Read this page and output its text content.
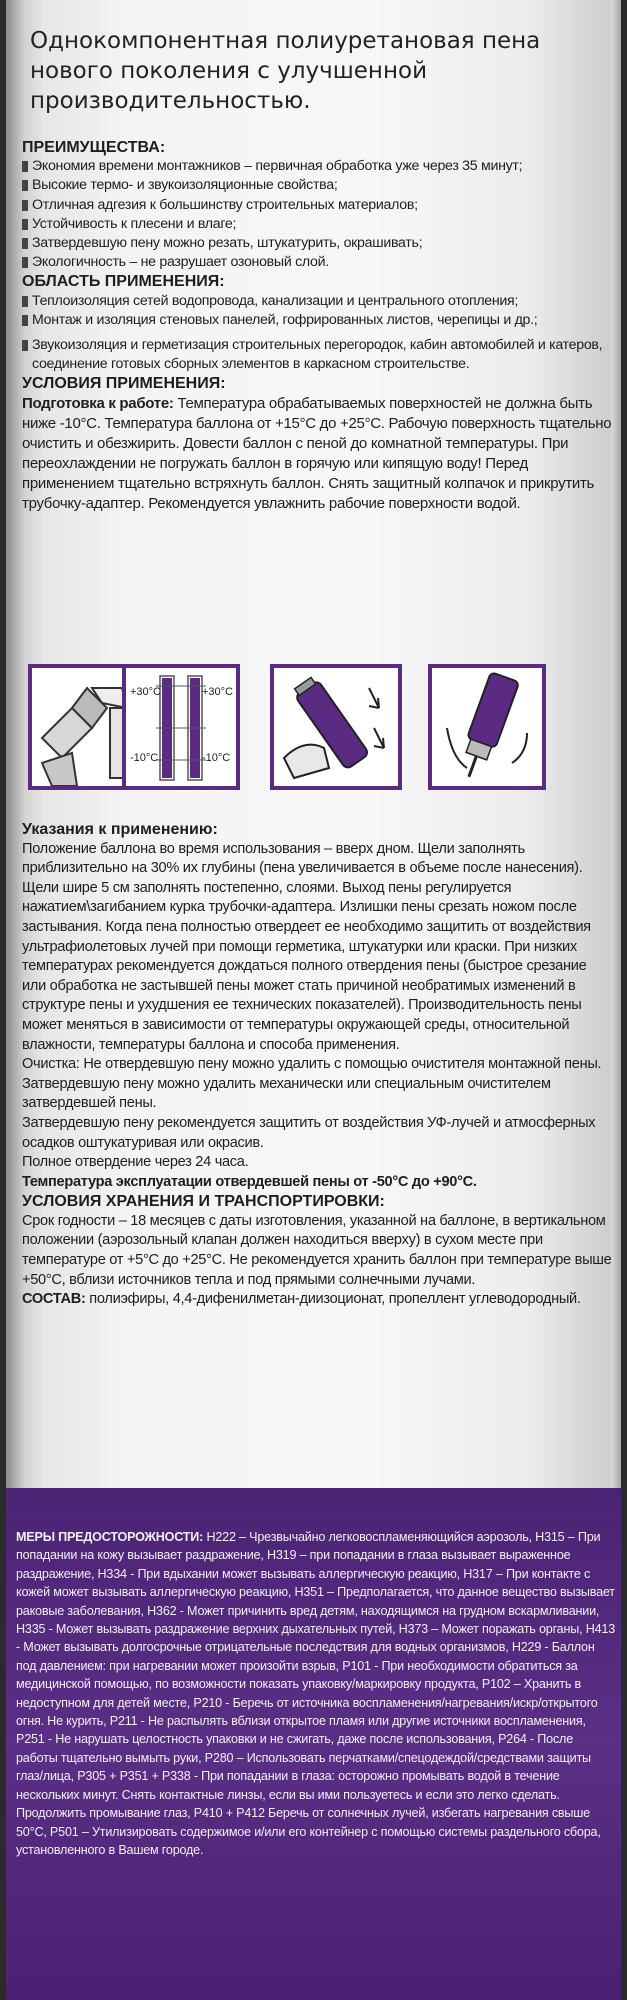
Однокомпонентная полиуретановая пена нового поколения с улучшенной производительностью.
ПРЕИМУЩЕСТВА:
Экономия времени монтажников – первичная обработка уже через 35 минут;
Высокие термо- и звукоизоляционные свойства;
Отличная адгезия к большинству строительных материалов;
Устойчивость к плесени и влаге;
Затвердевшую пену можно резать, штукатурить, окрашивать;
Экологичность – не разрушает озоновый слой.
ОБЛАСТЬ ПРИМЕНЕНИЯ:
Теплоизоляция сетей водопровода, канализации и центрального отопления;
Монтаж и изоляция стеновых панелей, гофрированных листов, черепицы и др.;
Звукоизоляция и герметизация строительных перегородок, кабин автомобилей и катеров, соединение готовых сборных элементов в каркасном строительстве.
УСЛОВИЯ ПРИМЕНЕНИЯ:
Подготовка к работе: Температура обрабатываемых поверхностей не должна быть ниже -10°С. Температура баллона от +15°С до +25°С. Рабочую поверхность тщательно очистить и обезжирить. Довести баллон с пеной до комнатной температуры. При переохлаждении не погружать баллон в горячую или кипящую воду! Перед применением тщательно встряхнуть баллон. Снять защитный колпачок и прикрутить трубочку-адаптер. Рекомендуется увлажнить рабочие поверхности водой.
+30°C	+30°C
-10°C	-10°C
Указания к применению:
Положение баллона во время использования – вверх дном. Щели заполнять приблизительно на 30% их глубины (пена увеличивается в объеме после нанесения). Щели шире 5 см заполнять постепенно, слоями. Выход пены регулируется нажатием\загибанием курка трубочки-адаптера. Излишки пены срезать ножом после застывания. Когда пена полностью отвердеет ее необходимо защитить от воздействия ультрафиолетовых лучей при помощи герметика, штукатурки или краски. При низких температурах рекомендуется дождаться полного отвердения пены (быстрое срезание или обработка не застывшей пены может стать причиной необратимых изменений в структуре пены и ухудшения ее технических показателей). Производительность пены может меняться в зависимости от температуры окружающей среды, относительной влажности, температуры баллона и способа применения.
Очистка: Не отвердевшую пену можно удалить с помощью очистителя монтажной пены. Затвердевшую пену можно удалить механически или специальным очистителем затвердевшей пены.
Затвердевшую пену рекомендуется защитить от воздействия УФ-лучей и атмосферных осадков оштукатуривая или окрасив.
Полное отвердение через 24 часа.
Температура эксплуатации отвердевшей пены от -50°С до +90°С.
УСЛОВИЯ ХРАНЕНИЯ И ТРАНСПОРТИРОВКИ:
Срок годности – 18 месяцев с даты изготовления, указанной на баллоне, в вертикальном положении (аэрозольный клапан должен находиться вверху) в сухом месте при температуре от +5°С до +25°С. Не рекомендуется хранить баллон при температуре выше +50°С, вблизи источников тепла и под прямыми солнечными лучами.
СОСТАВ: полиэфиры, 4,4-дифенилметан-диизоционат, пропеллент углеводородный.
МЕРЫ ПРЕДОСТОРОЖНОСТИ: H222 – Чрезвычайно легковоспламеняющийся аэрозоль, H315 – При попадании на кожу вызывает раздражение, H319 – при попадании в глаза вызывает выраженное раздражение, H334 - При вдыхании может вызывать аллергическую реакцию, H317 – При контакте с кожей может вызывать аллергическую реакцию, H351 – Предполагается, что данное вещество вызывает раковые заболевания, H362 - Может причинить вред детям, находящимся на грудном вскармливании, H335 - Может вызывать раздражение верхних дыхательных путей, H373 – Может поражать органы, H413 - Может вызывать долгосрочные отрицательные последствия для водных организмов, H229 - Баллон под давлением: при нагревании может произойти взрыв, P101 - При необходимости обратиться за медицинской помощью, по возможности показать упаковку/маркировку продукта, P102 – Хранить в недоступном для детей месте, P210 - Беречь от источника воспламенения/нагревания/искр/открытого огня. Не курить, P211 - Не распылять вблизи открытое пламя или другие источники воспламенения, P251 - Не нарушать целостность упаковки и не сжигать, даже после использования, P264 - После работы тщательно вымыть руки, P280 – Использовать перчатками/спецодеждой/средствами защиты глаз/лица, P305 + P351 + P338 - При попадании в глаза: осторожно промывать водой в течение нескольких минут. Снять контактные линзы, если вы ими пользуетесь и если это легко сделать. Продолжить промывание глаз, P410 + P412 Беречь от солнечных лучей, избегать нагревания свыше 50°С, P501 – Утилизировать содержимое и/или его контейнер с помощью системы раздельного сбора, установленного в Вашем городе.
